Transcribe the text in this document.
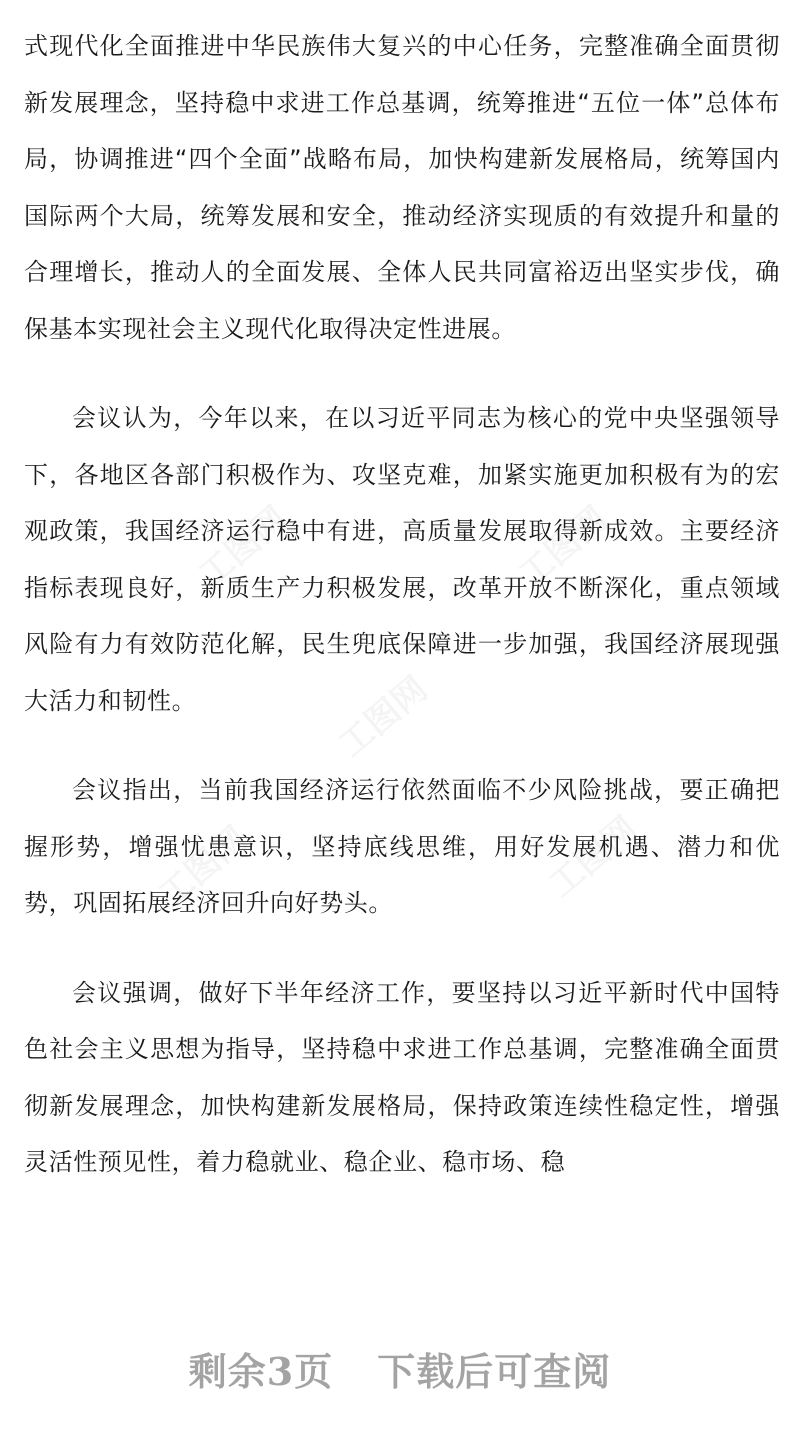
式现代化全面推进中华民族伟大复兴的中心任务，完整准确全面贯彻新发展理念，坚持稳中求进工作总基调，统筹推进“五位一体”总体布局，协调推进“四个全面”战略布局，加快构建新发展格局，统筹国内国际两个大局，统筹发展和安全，推动经济实现质的有效提升和量的合理增长，推动人的全面发展、全体人民共同富裕迈出坚实步伐，确保基本实现社会主义现代化取得决定性进展。

会议认为，今年以来，在以习近平同志为核心的党中央坚强领导下，各地区各部门积极作为、攻坚克难，加紧实施更加积极有为的宏观政策，我国经济运行稳中有进，高质量发展取得新成效。主要经济指标表现良好，新质生产力积极发展，改革开放不断深化，重点领域风险有力有效防范化解，民生兜底保障进一步加强，我国经济展现强大活力和韧性。

会议指出，当前我国经济运行依然面临不少风险挑战，要正确把握形势，增强忧患意识，坚持底线思维，用好发展机遇、潜力和优势，巩固拓展经济回升向好势头。

会议强调，做好下半年经济工作，要坚持以习近平新时代中国特色社会主义思想为指导，坚持稳中求进工作总基调，完整准确全面贯彻新发展理念，加快构建新发展格局，保持政策连续性稳定性，增强灵活性预见性，着力稳就业、稳企业、稳市场、稳

剩余3页 下载后可查阅
